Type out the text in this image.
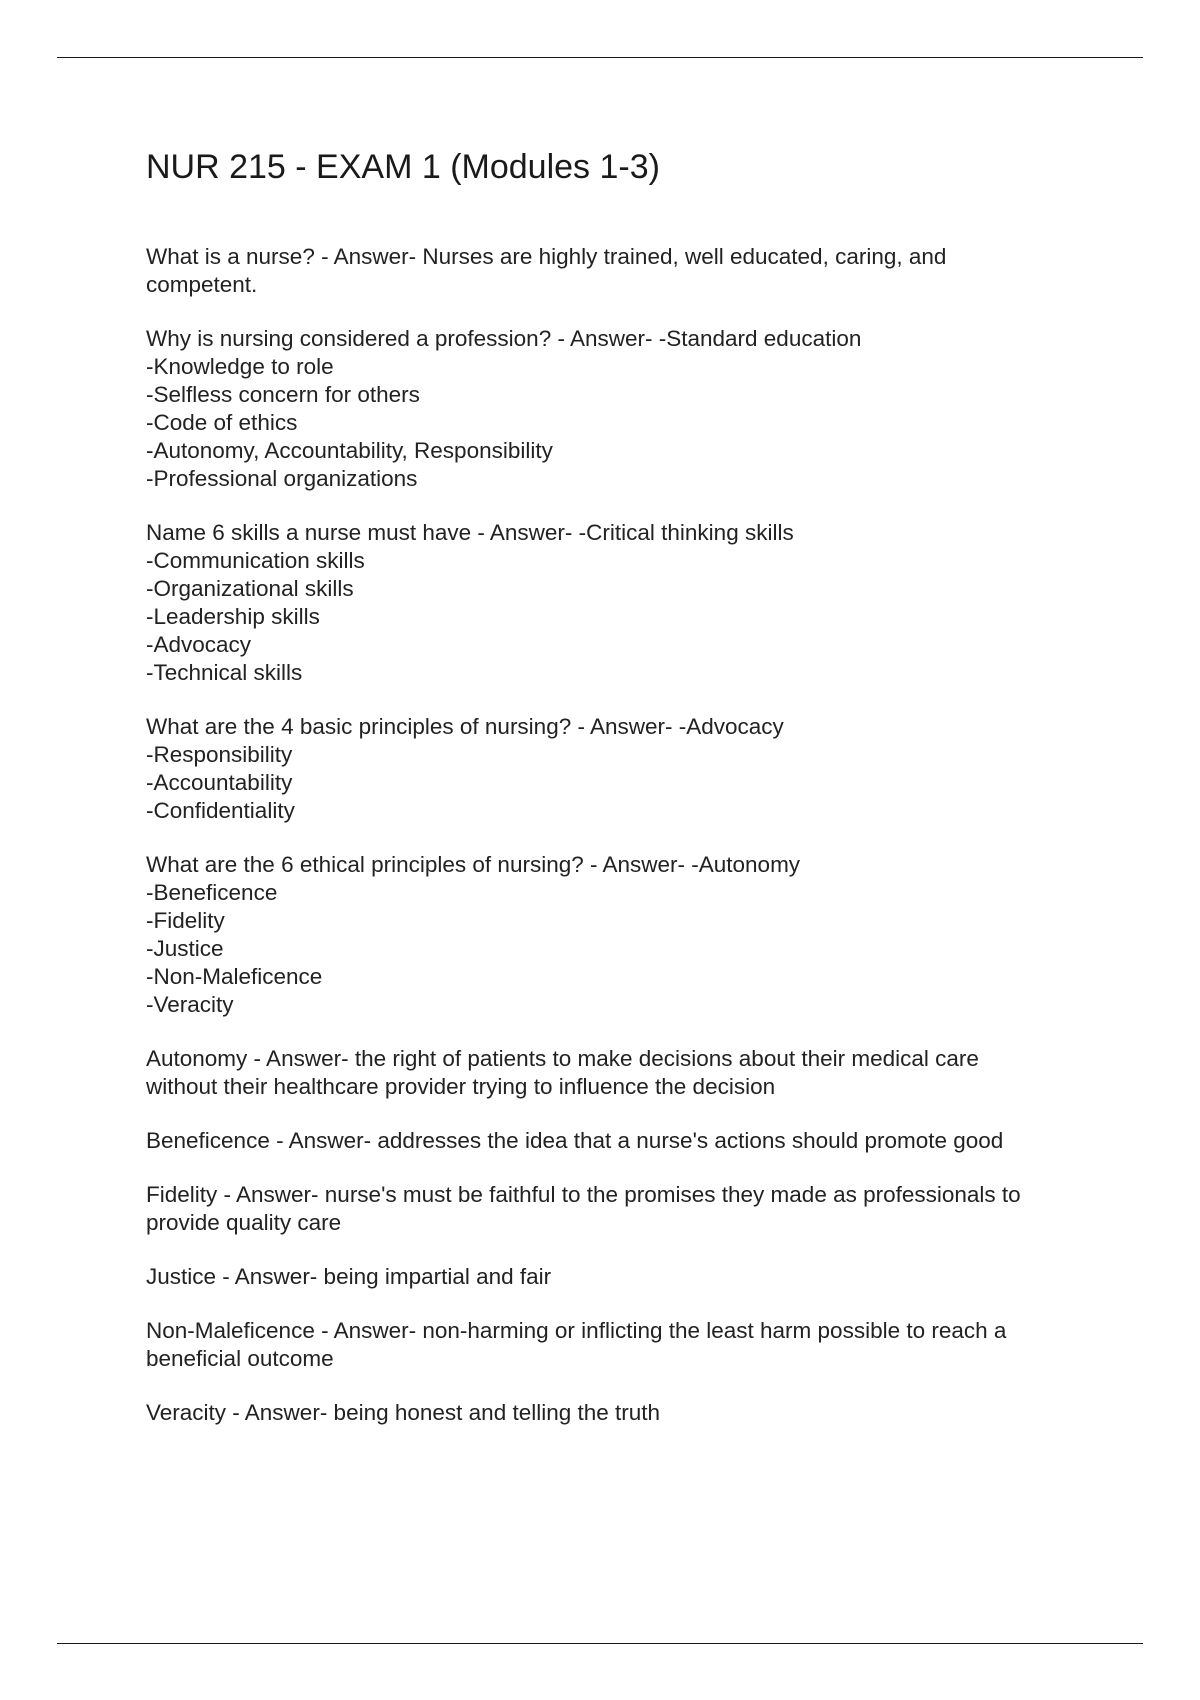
NUR 215 - EXAM 1 (Modules 1-3)
What is a nurse? - Answer- Nurses are highly trained, well educated, caring, and
competent.
Why is nursing considered a profession? - Answer- -Standard education
-Knowledge to role
-Selfless concern for others
-Code of ethics
-Autonomy, Accountability, Responsibility
-Professional organizations
Name 6 skills a nurse must have - Answer- -Critical thinking skills
-Communication skills
-Organizational skills
-Leadership skills
-Advocacy
-Technical skills
What are the 4 basic principles of nursing? - Answer- -Advocacy
-Responsibility
-Accountability
-Confidentiality
What are the 6 ethical principles of nursing? - Answer- -Autonomy
-Beneficence
-Fidelity
-Justice
-Non-Maleficence
-Veracity
Autonomy - Answer- the right of patients to make decisions about their medical care
without their healthcare provider trying to influence the decision
Beneficence - Answer- addresses the idea that a nurse's actions should promote good
Fidelity - Answer- nurse's must be faithful to the promises they made as professionals to
provide quality care
Justice - Answer- being impartial and fair
Non-Maleficence - Answer- non-harming or inflicting the least harm possible to reach a
beneficial outcome
Veracity - Answer- being honest and telling the truth
